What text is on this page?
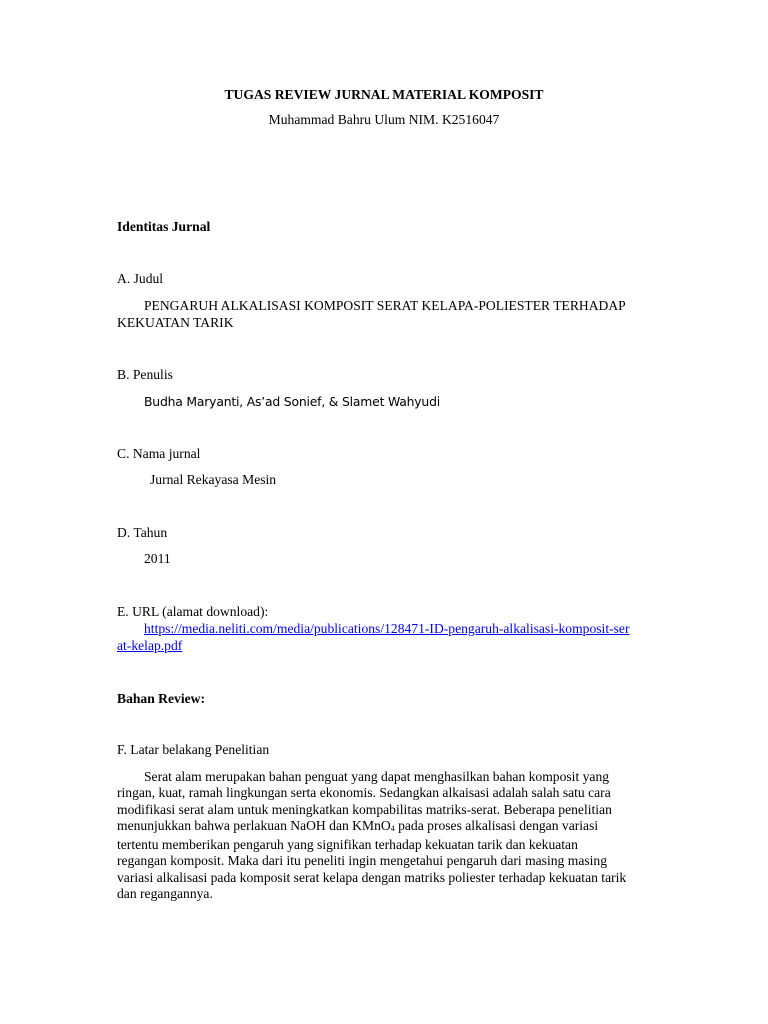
TUGAS REVIEW JURNAL MATERIAL KOMPOSIT
Muhammad Bahru Ulum NIM. K2516047
Identitas Jurnal
A. Judul
PENGARUH ALKALISASI KOMPOSIT SERAT KELAPA-POLIESTER TERHADAP
KEKUATAN TARIK
B. Penulis
Budha Maryanti, As’ad Sonief, & Slamet Wahyudi
C. Nama jurnal
Jurnal Rekayasa Mesin
D. Tahun
2011
E. URL (alamat download):
https://media.neliti.com/media/publications/128471-ID-pengaruh-alkalisasi-komposit-ser
at-kelap.pdf
Bahan Review:
F. Latar belakang Penelitian

Serat alam merupakan bahan penguat yang dapat menghasilkan bahan komposit yang

ringan, kuat, ramah lingkungan serta ekonomis. Sedangkan alkaisasi adalah salah satu cara

modifikasi serat alam untuk meningkatkan kompabilitas matriks-serat. Beberapa penelitian

menunjukkan bahwa perlakuan NaOH dan KMnO$_4$ pada proses alkalisasi dengan variasi

tertentu memberikan pengaruh yang signifikan terhadap kekuatan tarik dan kekuatan

regangan komposit. Maka dari itu peneliti ingin mengetahui pengaruh dari masing masing

variasi alkalisasi pada komposit serat kelapa dengan matriks poliester terhadap kekuatan tarik

dan regangannya.
